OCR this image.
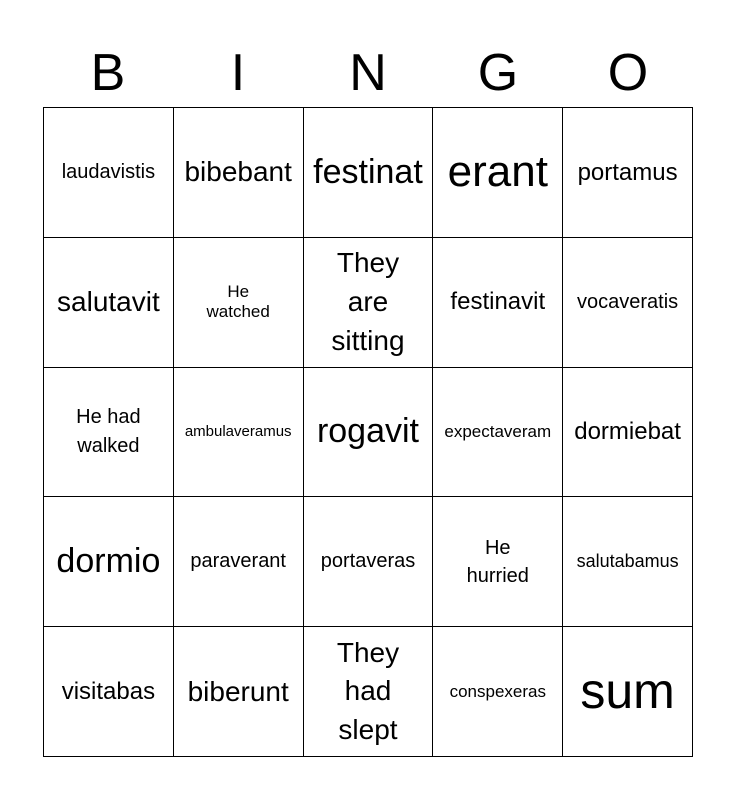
B	I	N	G	O
laudavistis	bibebant	festinat	erant	portamus
salutavit	He watched	They are sitting	festinavit	vocaveratis
He had walked	ambulaveramus	rogavit	expectaveram	dormiebat
dormio	paraverant	portaveras	He hurried	salutabamus
visitabas	biberunt	They had slept	conspexeras	sum
